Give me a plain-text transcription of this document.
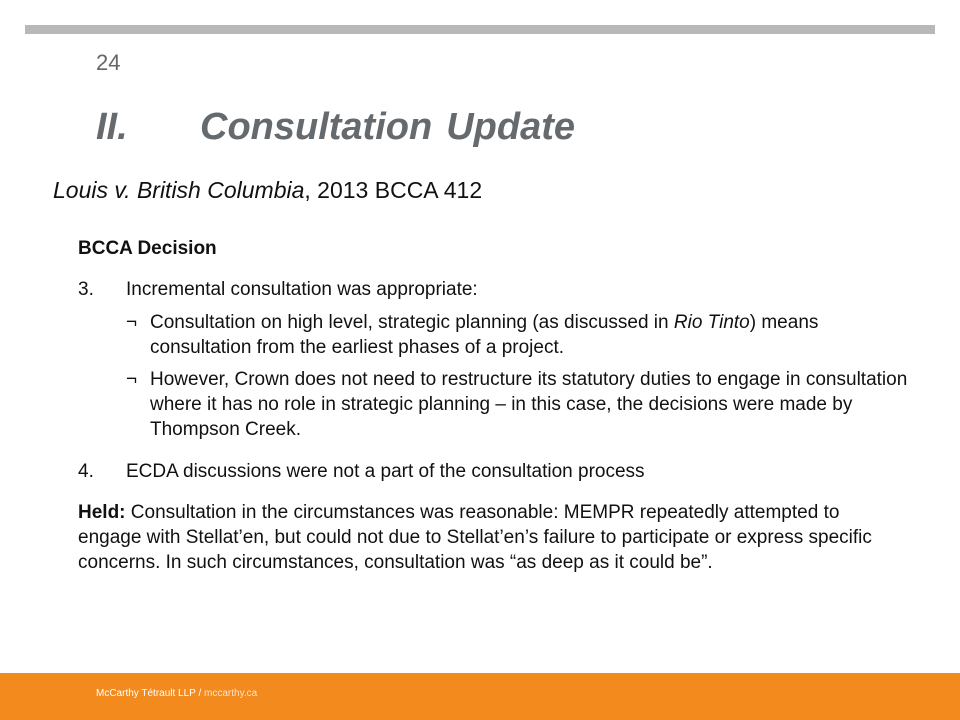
24
II. Consultation Update
Louis v. British Columbia, 2013 BCCA 412
BCCA Decision
3.	Incremental consultation was appropriate:
¬ Consultation on high level, strategic planning (as discussed in Rio Tinto) means consultation from the earliest phases of a project.
¬ However, Crown does not need to restructure its statutory duties to engage in consultation where it has no role in strategic planning – in this case, the decisions were made by Thompson Creek.
4.	ECDA discussions were not a part of the consultation process
Held: Consultation in the circumstances was reasonable: MEMPR repeatedly attempted to engage with Stellat’en, but could not due to Stellat’en’s failure to participate or express specific concerns. In such circumstances, consultation was “as deep as it could be”.
McCarthy Tétrault LLP / mccarthy.ca
